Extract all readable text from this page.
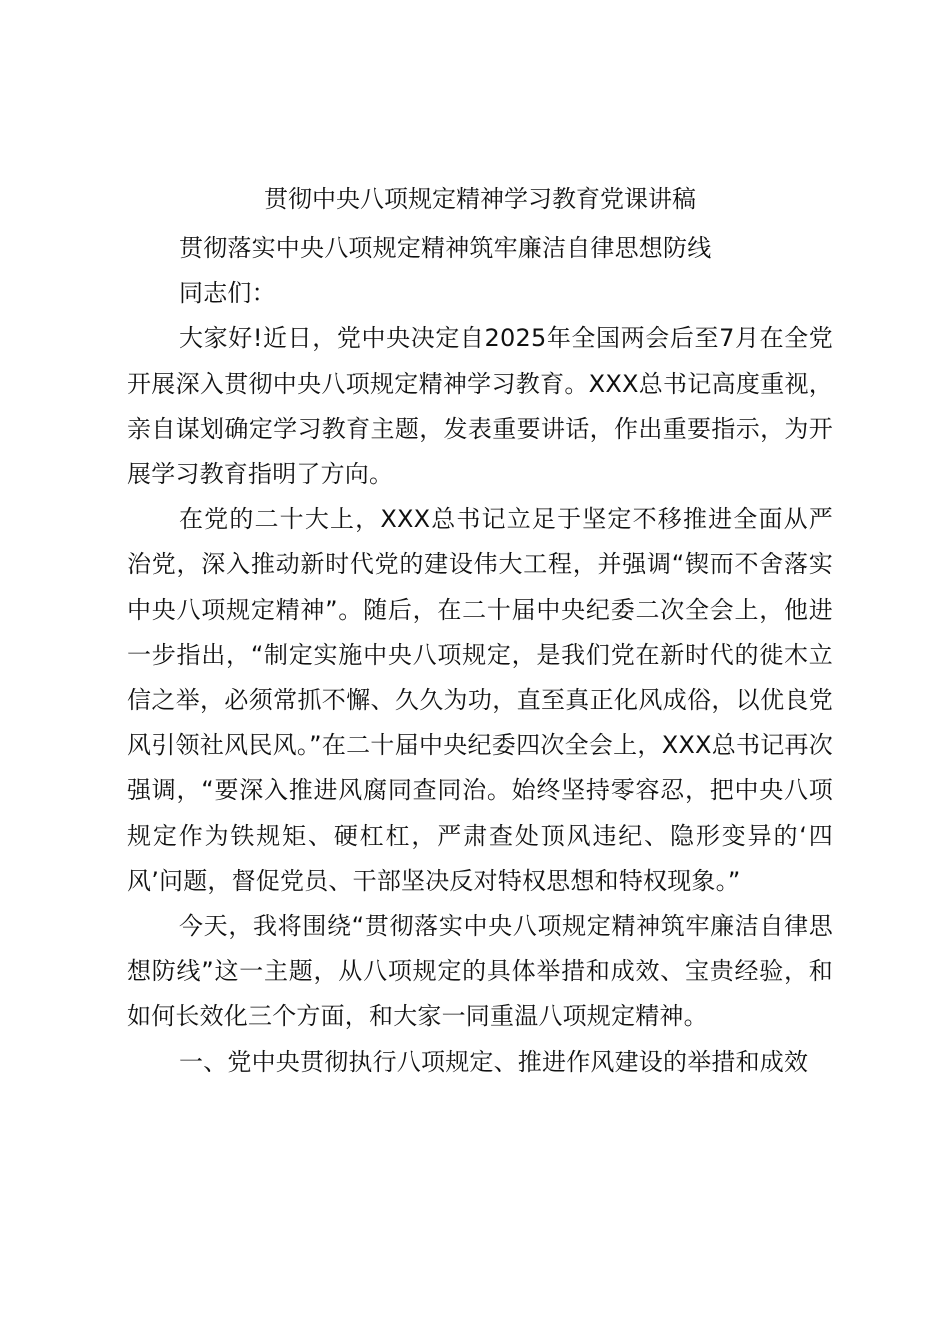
贯彻中央八项规定精神学习教育党课讲稿

贯彻落实中央八项规定精神筑牢廉洁自律思想防线

同志们：

大家好!近日，党中央决定自2025年全国两会后至7月在全党开展深入贯彻中央八项规定精神学习教育。XXX总书记高度重视，亲自谋划确定学习教育主题，发表重要讲话，作出重要指示，为开展学习教育指明了方向。

在党的二十大上，XXX总书记立足于坚定不移推进全面从严治党，深入推动新时代党的建设伟大工程，并强调“锲而不舍落实中央八项规定精神”。随后，在二十届中央纪委二次全会上，他进一步指出，“制定实施中央八项规定，是我们党在新时代的徙木立信之举，必须常抓不懈、久久为功，直至真正化风成俗，以优良党风引领社风民风。”在二十届中央纪委四次全会上，XXX总书记再次强调，“要深入推进风腐同查同治。始终坚持零容忍，把中央八项规定作为铁规矩、硬杠杠，严肃查处顶风违纪、隐形变异的‘四风’问题，督促党员、干部坚决反对特权思想和特权现象。”

今天，我将围绕“贯彻落实中央八项规定精神筑牢廉洁自律思想防线”这一主题，从八项规定的具体举措和成效、宝贵经验，和如何长效化三个方面，和大家一同重温八项规定精神。

一、党中央贯彻执行八项规定、推进作风建设的举措和成效
